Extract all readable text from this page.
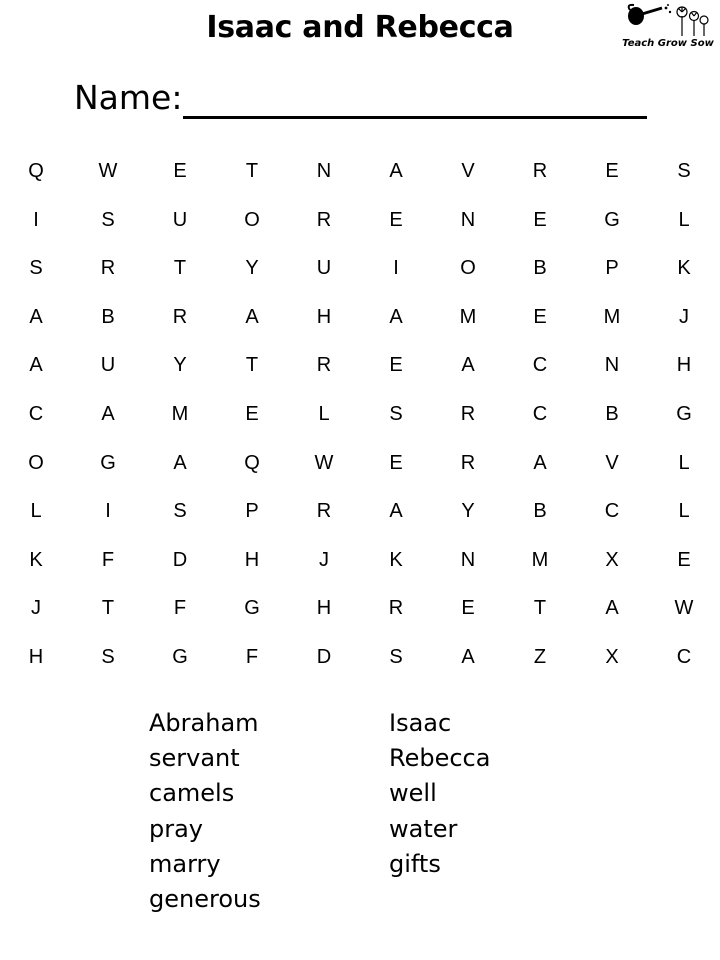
Isaac and Rebecca	Teach Grow Sow
Name:
Q	W	E	T	N	A	V	R	E	S
I	S	U	O	R	E	N	E	G	L
S	R	T	Y	U	I	O	B	P	K
A	B	R	A	H	A	M	E	M	J
A	U	Y	T	R	E	A	C	N	H
C	A	M	E	L	S	R	C	B	G
O	G	A	Q	W	E	R	A	V	L
L	I	S	P	R	A	Y	B	C	L
K	F	D	H	J	K	N	M	X	E
J	T	F	G	H	R	E	T	A	W
H	S	G	F	D	S	A	Z	X	C
Abraham
servant
camels
pray
marry
generous
Isaac
Rebecca
well
water
gifts
